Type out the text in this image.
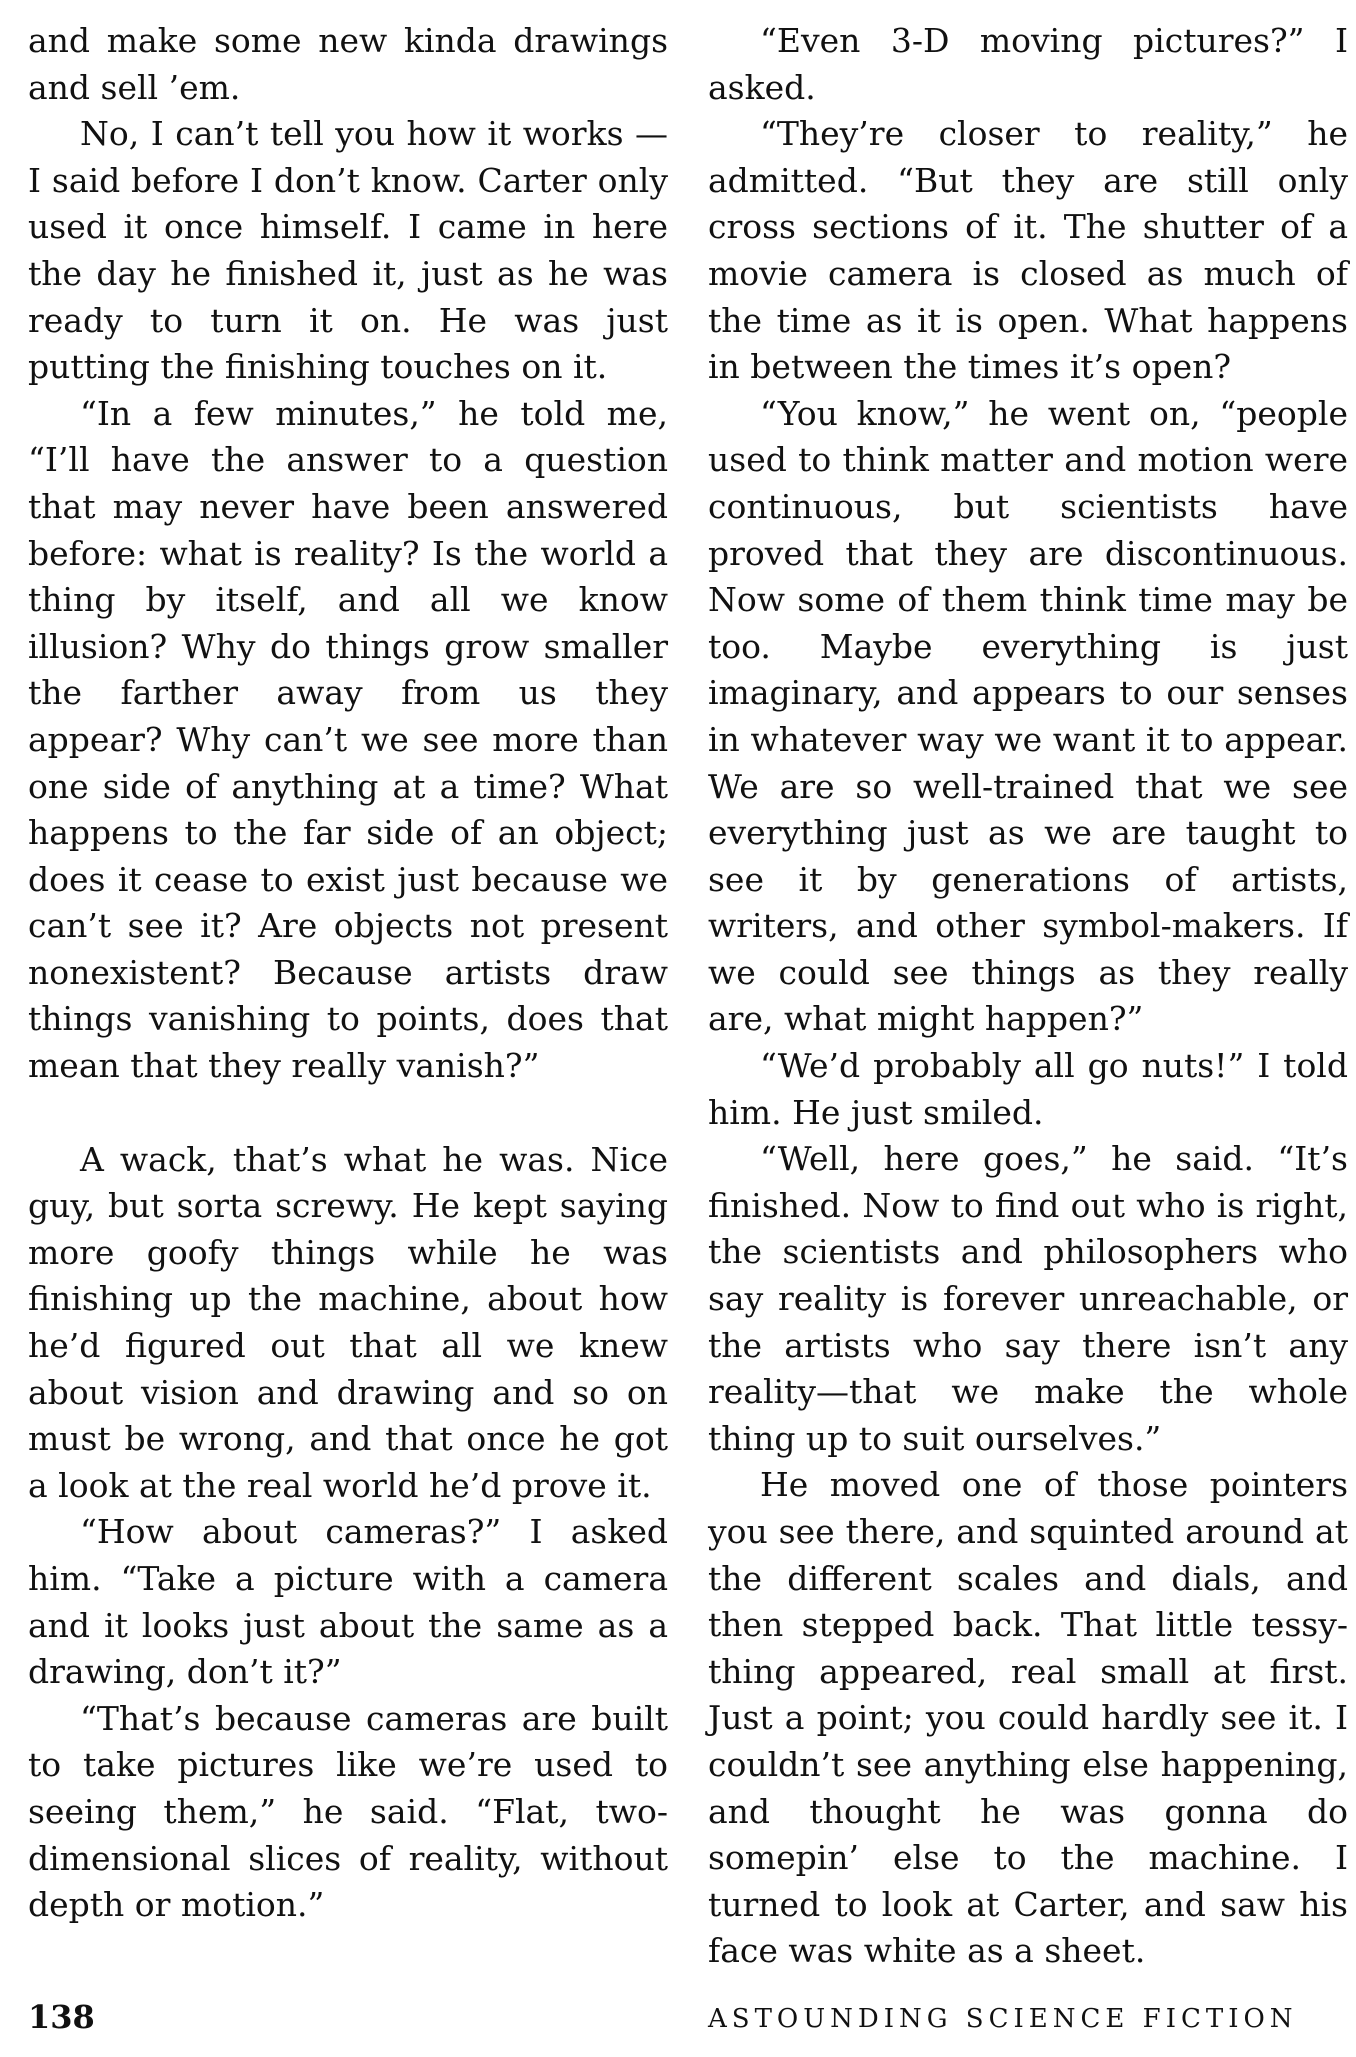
and make some new kinda drawings and sell ’em.

No, I can’t tell you how it works —I said before I don’t know. Carter only used it once himself. I came in here the day he finished it, just as he was ready to turn it on. He was just putting the finishing touches on it.

“In a few minutes,” he told me, “I’ll have the answer to a question that may never have been answered before: what is reality? Is the world a thing by itself, and all we know illusion? Why do things grow smaller the farther away from us they appear? Why can’t we see more than one side of anything at a time? What happens to the far side of an object; does it cease to exist just because we can’t see it? Are objects not present nonexistent? Because artists draw things vanishing to points, does that mean that they really vanish?”

A wack, that’s what he was. Nice guy, but sorta screwy. He kept saying more goofy things while he was finishing up the machine, about how he’d figured out that all we knew about vision and drawing and so on must be wrong, and that once he got a look at the real world he’d prove it.

“How about cameras?” I asked him. “Take a picture with a camera and it looks just about the same as a drawing, don’t it?”

“That’s because cameras are built to take pictures like we’re used to seeing them,” he said. “Flat, two-dimensional slices of reality, without depth or motion.”

“Even 3-D moving pictures?” I asked.

“They’re closer to reality,” he admitted. “But they are still only cross sections of it. The shutter of a movie camera is closed as much of the time as it is open. What happens in between the times it’s open?

“You know,” he went on, “people used to think matter and motion were continuous, but scientists have proved that they are discontinuous. Now some of them think time may be too. Maybe everything is just imaginary, and appears to our senses in whatever way we want it to appear. We are so well-trained that we see everything just as we are taught to see it by generations of artists, writers, and other symbol-makers. If we could see things as they really are, what might happen?”

“We’d probably all go nuts!” I told him. He just smiled.

“Well, here goes,” he said. “It’s finished. Now to find out who is right, the scientists and philosophers who say reality is forever unreachable, or the artists who say there isn’t any reality—that we make the whole thing up to suit ourselves.”

He moved one of those pointers you see there, and squinted around at the different scales and dials, and then stepped back. That little tessy-thing appeared, real small at first. Just a point; you could hardly see it. I couldn’t see anything else happening, and thought he was gonna do somepin’ else to the machine. I turned to look at Carter, and saw his face was white as a sheet.

138	ASTOUNDING SCIENCE FICTION
